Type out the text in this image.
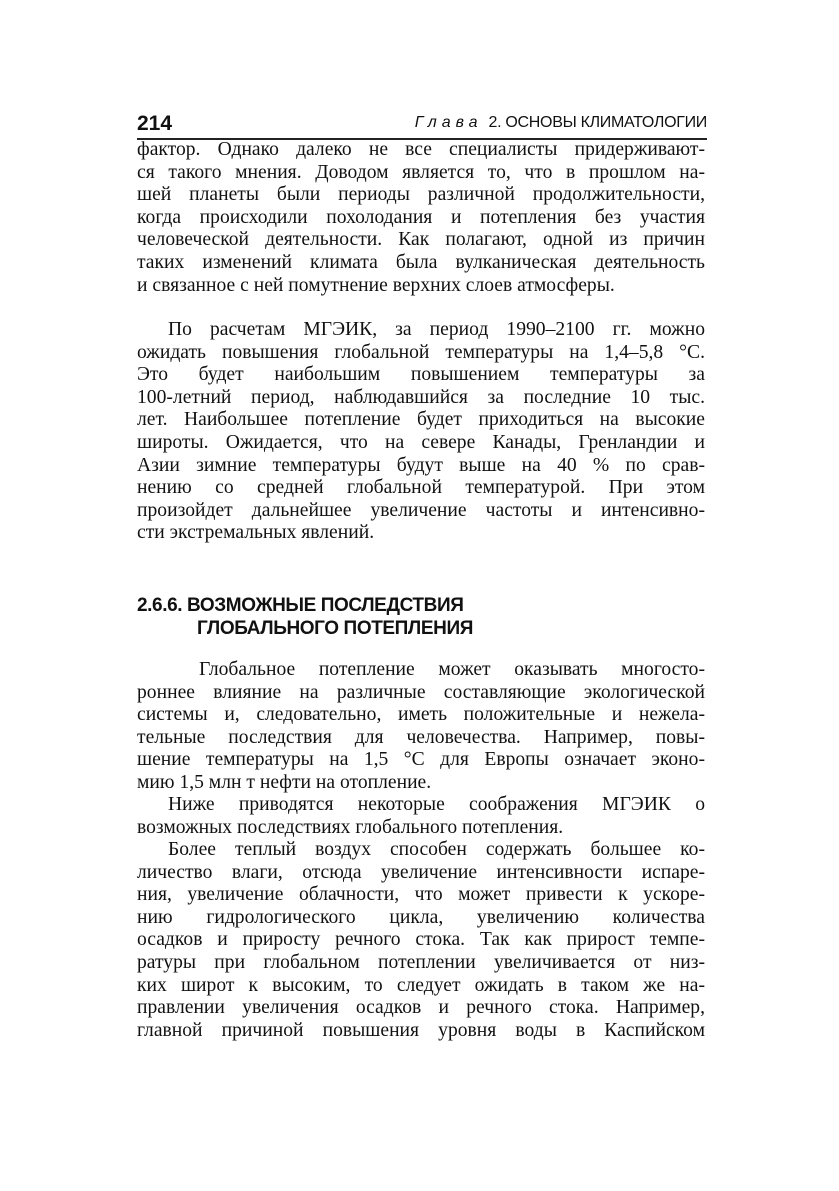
214	Глава 2. ОСНОВЫ КЛИМАТОЛОГИИ
фактор. Однако далеко не все специалисты придерживают-
ся такого мнения. Доводом является то, что в прошлом на-
шей планеты были периоды различной продолжительности,
когда происходили похолодания и потепления без участия
человеческой деятельности. Как полагают, одной из причин
таких изменений климата была вулканическая деятельность
и связанное с ней помутнение верхних слоев атмосферы.
По расчетам МГЭИК, за период 1990–2100 гг. можно
ожидать повышения глобальной температуры на 1,4–5,8 °С.
Это будет наибольшим повышением температуры за
100-летний период, наблюдавшийся за последние 10 тыс.
лет. Наибольшее потепление будет приходиться на высокие
широты. Ожидается, что на севере Канады, Гренландии и
Азии зимние температуры будут выше на 40 % по срав-
нению со средней глобальной температурой. При этом
произойдет дальнейшее увеличение частоты и интенсивно-
сти экстремальных явлений.
2.6.6. ВОЗМОЖНЫЕ ПОСЛЕДСТВИЯ
ГЛОБАЛЬНОГО ПОТЕПЛЕНИЯ
Глобальное потепление может оказывать многосто-
роннее влияние на различные составляющие экологической
системы и, следовательно, иметь положительные и нежела-
тельные последствия для человечества. Например, повы-
шение температуры на 1,5 °С для Европы означает эконо-
мию 1,5 млн т нефти на отопление.
Ниже приводятся некоторые соображения МГЭИК о
возможных последствиях глобального потепления.
Более теплый воздух способен содержать большее ко-
личество влаги, отсюда увеличение интенсивности испаре-
ния, увеличение облачности, что может привести к ускоре-
нию гидрологического цикла, увеличению количества
осадков и приросту речного стока. Так как прирост темпе-
ратуры при глобальном потеплении увеличивается от низ-
ких широт к высоким, то следует ожидать в таком же на-
правлении увеличения осадков и речного стока. Например,
главной причиной повышения уровня воды в Каспийском
